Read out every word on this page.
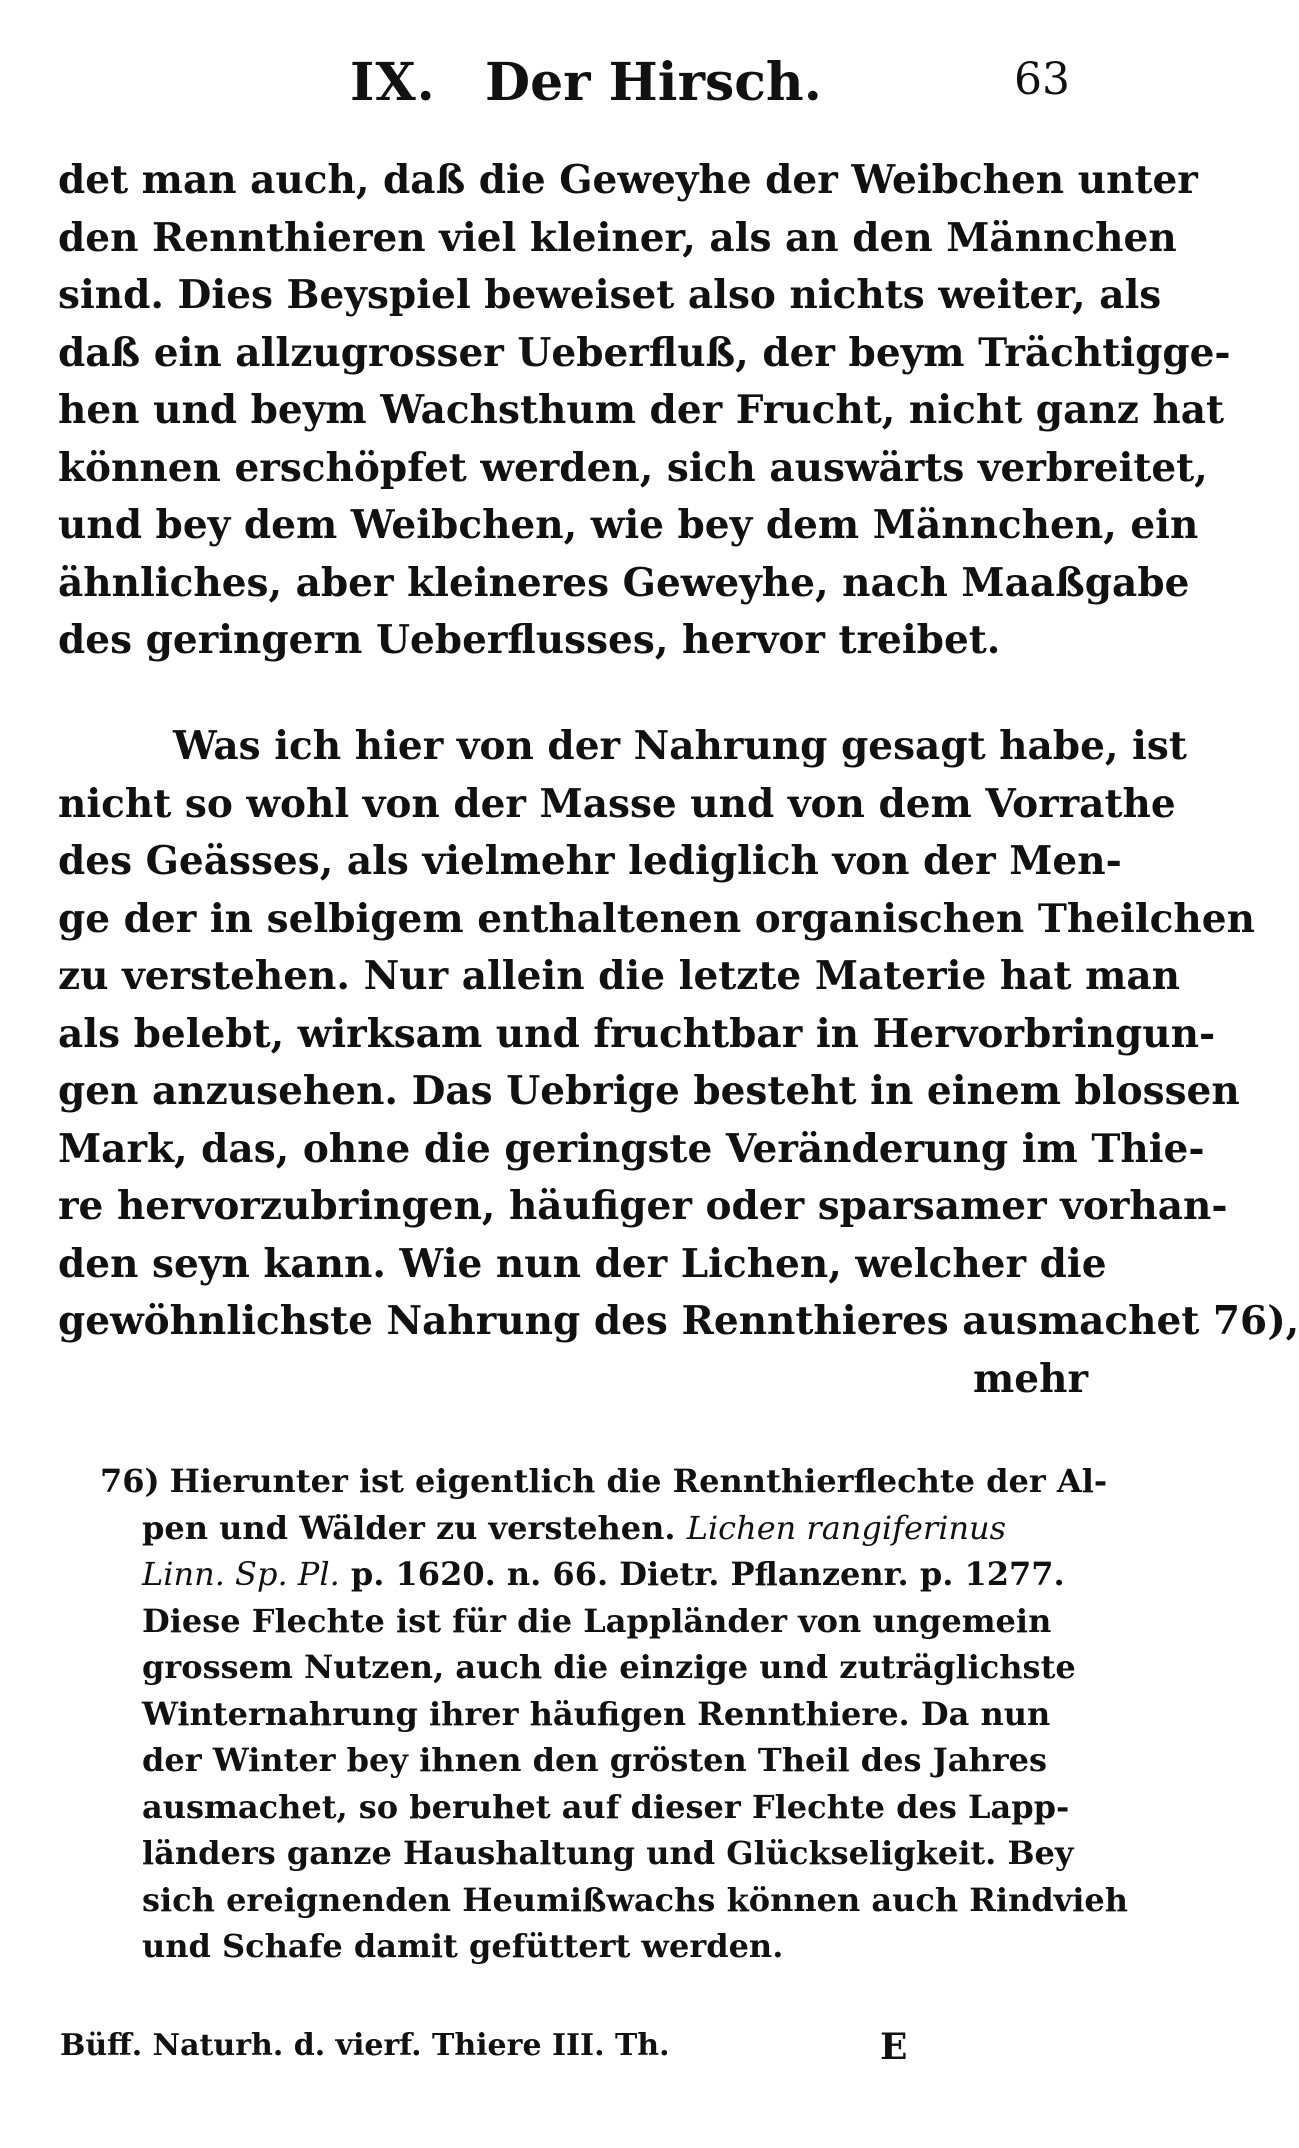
IX. Der Hirsch.	63
det man auch, daß die Geweyhe der Weibchen unter
den Rennthieren viel kleiner, als an den Männchen
sind. Dies Beyspiel beweiset also nichts weiter, als
daß ein allzugrosser Ueberfluß, der beym Trächtigge-
hen und beym Wachsthum der Frucht, nicht ganz hat
können erschöpfet werden, sich auswärts verbreitet,
und bey dem Weibchen, wie bey dem Männchen, ein
ähnliches, aber kleineres Geweyhe, nach Maaßgabe
des geringern Ueberflusses, hervor treibet.
Was ich hier von der Nahrung gesagt habe, ist
nicht so wohl von der Masse und von dem Vorrathe
des Geässes, als vielmehr lediglich von der Men-
ge der in selbigem enthaltenen organischen Theilchen
zu verstehen. Nur allein die letzte Materie hat man
als belebt, wirksam und fruchtbar in Hervorbringun-
gen anzusehen. Das Uebrige besteht in einem blossen
Mark, das, ohne die geringste Veränderung im Thie-
re hervorzubringen, häufiger oder sparsamer vorhan-
den seyn kann. Wie nun der Lichen, welcher die
gewöhnlichste Nahrung des Rennthieres ausmachet 76),
mehr
76) Hierunter ist eigentlich die Rennthierflechte der Al-
pen und Wälder zu verstehen. Lichen rangiferinus
Linn. Sp. Pl. p. 1620. n. 66. Dietr. Pflanzenr. p. 1277.
Diese Flechte ist für die Lappländer von ungemein
grossem Nutzen, auch die einzige und zuträglichste
Winternahrung ihrer häufigen Rennthiere. Da nun
der Winter bey ihnen den grösten Theil des Jahres
ausmachet, so beruhet auf dieser Flechte des Lapp-
länders ganze Haushaltung und Glückseligkeit. Bey
sich ereignenden Heumißwachs können auch Rindvieh
und Schafe damit gefüttert werden.
Büff. Naturh. d. vierf. Thiere III. Th.	E
